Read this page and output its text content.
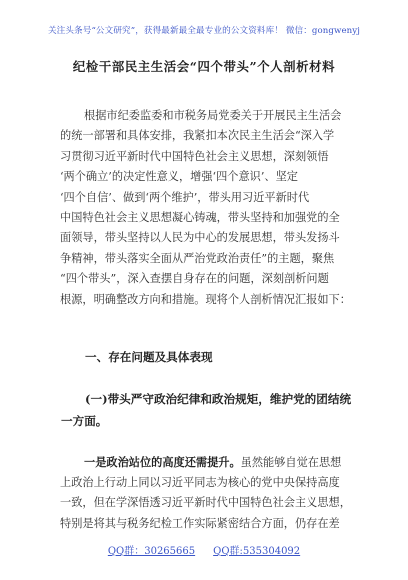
关注头条号“公文研究”，获得最新最全最专业的公文资料库！ 微信：gongwenyj
纪检干部民主生活会“四个带头”个人剖析材料
根据市纪委监委和市税务局党委关于开展民主生活会
的统一部署和具体安排，我紧扣本次民主生活会“深入学
习贯彻习近平新时代中国特色社会主义思想，深刻领悟
‘两个确立’的决定性意义，增强‘四个意识’、坚定
‘四个自信’、做到‘两个维护’，带头用习近平新时代
中国特色社会主义思想凝心铸魂，带头坚持和加强党的全
面领导，带头坚持以人民为中心的发展思想，带头发扬斗
争精神，带头落实全面从严治党政治责任”的主题，聚焦
“四个带头”，深入查摆自身存在的问题，深刻剖析问题
根源，明确整改方向和措施。现将个人剖析情况汇报如下：
一、存在问题及具体表现
(一)带头严守政治纪律和政治规矩，维护党的团结统
一方面。
一是政治站位的高度还需提升。虽然能够自觉在思想
上政治上行动上同以习近平同志为核心的党中央保持高度
一致，但在学深悟透习近平新时代中国特色社会主义思想，
特别是将其与税务纪检工作实际紧密结合方面，仍存在差
QQ群：30265665 QQ群:535304092
